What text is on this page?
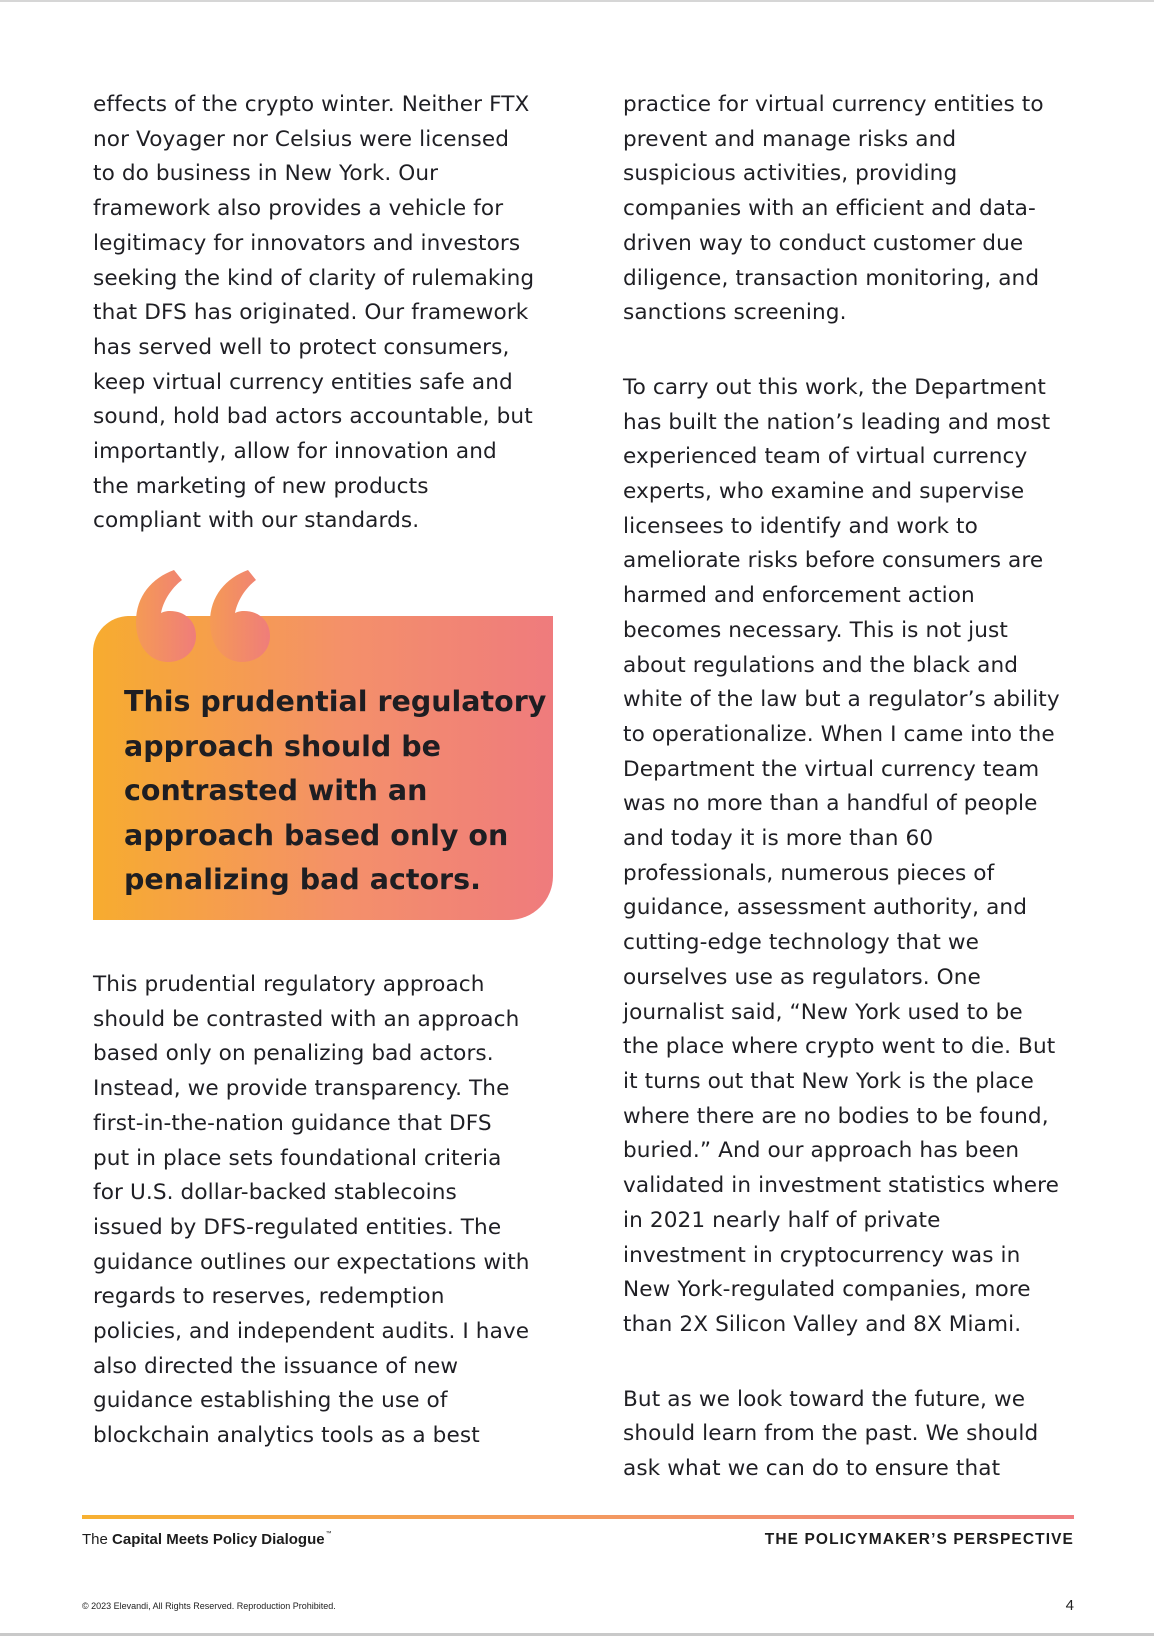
effects of the crypto winter. Neither FTX
nor Voyager nor Celsius were licensed
to do business in New York. Our
framework also provides a vehicle for
legitimacy for innovators and investors
seeking the kind of clarity of rulemaking
that DFS has originated. Our framework
has served well to protect consumers,
keep virtual currency entities safe and
sound, hold bad actors accountable, but
importantly, allow for innovation and
the marketing of new products
compliant with our standards.

This prudential regulatory
approach should be
contrasted with an
approach based only on
penalizing bad actors.

This prudential regulatory approach
should be contrasted with an approach
based only on penalizing bad actors.
Instead, we provide transparency. The
first-in-the-nation guidance that DFS
put in place sets foundational criteria
for U.S. dollar-backed stablecoins
issued by DFS-regulated entities. The
guidance outlines our expectations with
regards to reserves, redemption
policies, and independent audits. I have
also directed the issuance of new
guidance establishing the use of
blockchain analytics tools as a best

practice for virtual currency entities to
prevent and manage risks and
suspicious activities, providing
companies with an efficient and data-
driven way to conduct customer due
diligence, transaction monitoring, and
sanctions screening.

To carry out this work, the Department
has built the nation’s leading and most
experienced team of virtual currency
experts, who examine and supervise
licensees to identify and work to
ameliorate risks before consumers are
harmed and enforcement action
becomes necessary. This is not just
about regulations and the black and
white of the law but a regulator’s ability
to operationalize. When I came into the
Department the virtual currency team
was no more than a handful of people
and today it is more than 60
professionals, numerous pieces of
guidance, assessment authority, and
cutting-edge technology that we
ourselves use as regulators. One
journalist said, “New York used to be
the place where crypto went to die. But
it turns out that New York is the place
where there are no bodies to be found,
buried.” And our approach has been
validated in investment statistics where
in 2021 nearly half of private
investment in cryptocurrency was in
New York-regulated companies, more
than 2X Silicon Valley and 8X Miami.

But as we look toward the future, we
should learn from the past. We should
ask what we can do to ensure that

The Capital Meets Policy Dialogue™	THE POLICYMAKER’S PERSPECTIVE
© 2023 Elevandi, All Rights Reserved. Reproduction Prohibited.	4
